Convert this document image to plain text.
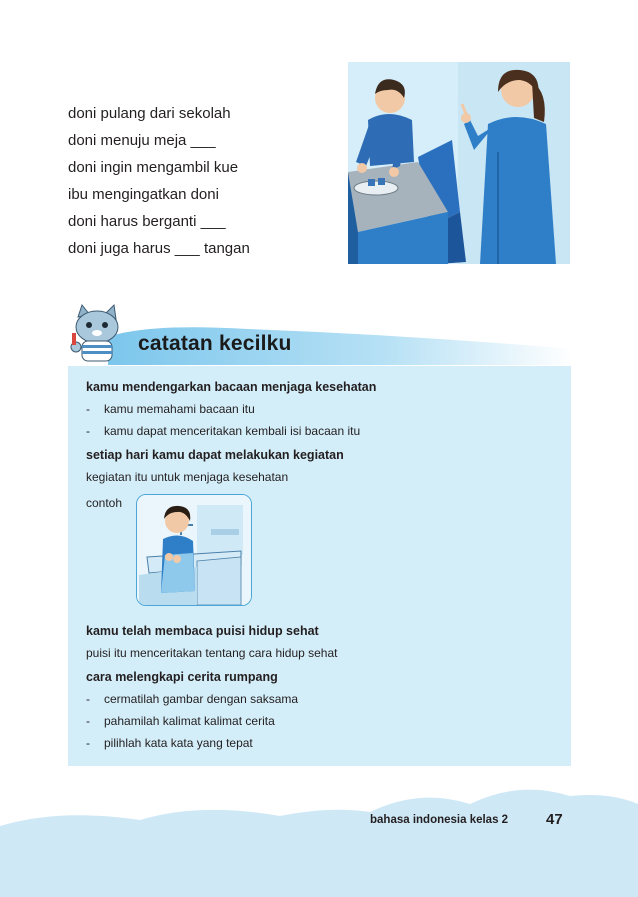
doni pulang dari sekolah
doni menuju meja ___
doni ingin mengambil kue
ibu mengingatkan doni
doni harus berganti ___
doni juga harus ___ tangan
catatan kecilku
kamu mendengarkan bacaan menjaga kesehatan
- kamu memahami bacaan itu
- kamu dapat menceritakan kembali isi bacaan itu
setiap hari kamu dapat melakukan kegiatan
kegiatan itu untuk menjaga kesehatan
contoh
kamu telah membaca puisi hidup sehat
puisi itu menceritakan tentang cara hidup sehat
cara melengkapi cerita rumpang
- cermatilah gambar dengan saksama
- pahamilah kalimat kalimat cerita
- pilihlah kata kata yang tepat
bahasa indonesia kelas 2	47
